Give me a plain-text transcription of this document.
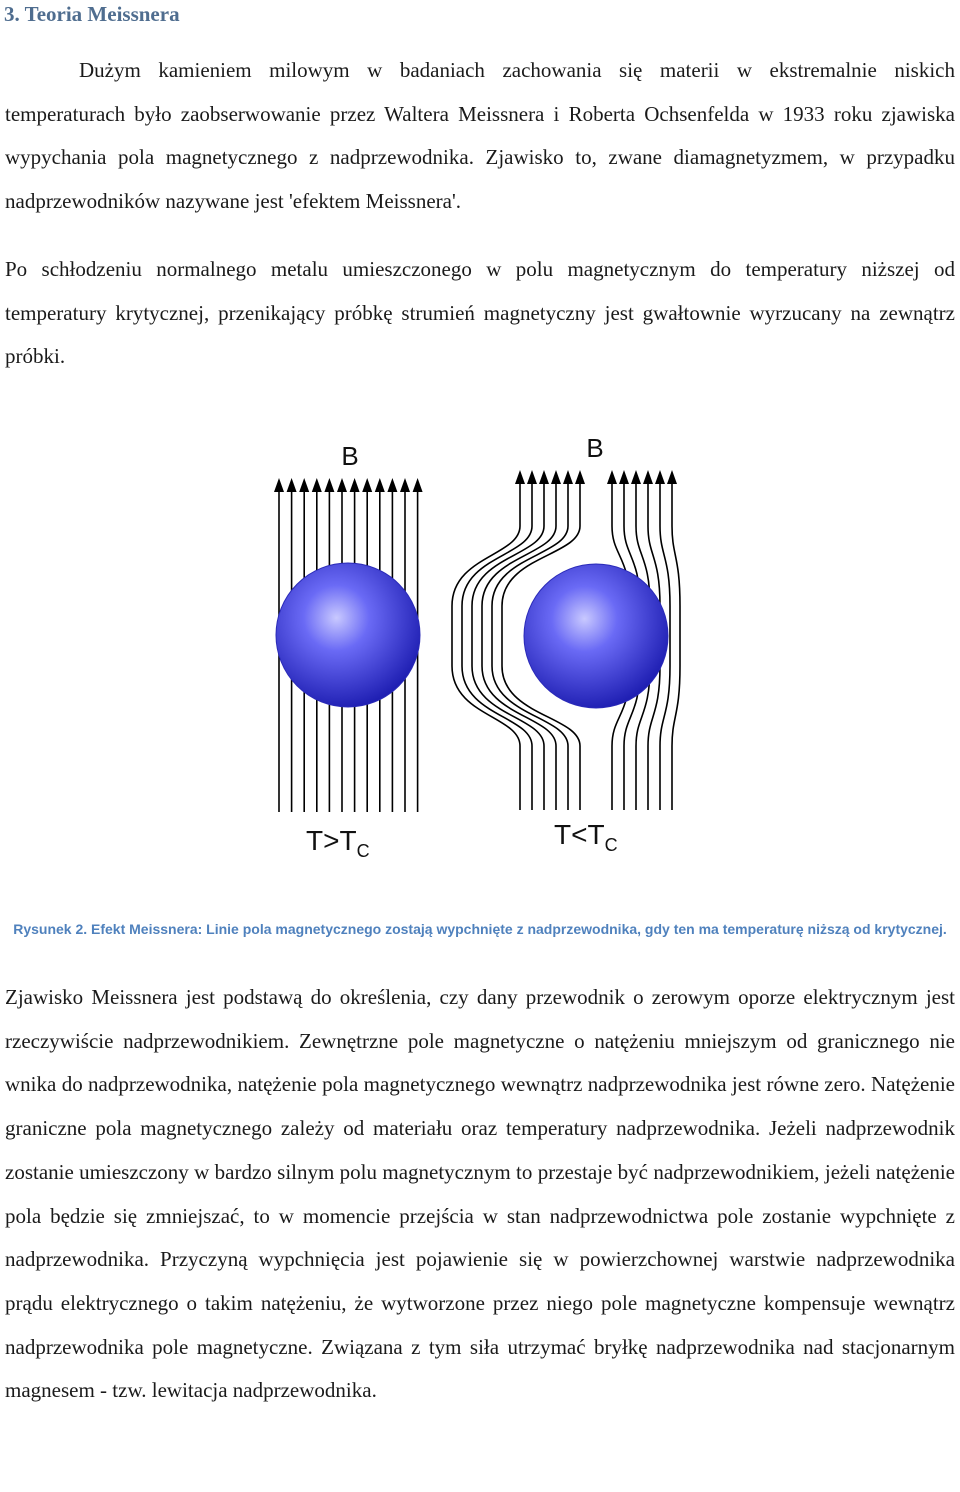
3. Teoria Meissnera

Dużym kamieniem milowym w badaniach zachowania się materii w ekstremalnie niskich temperaturach było zaobserwowanie przez Waltera Meissnera i Roberta Ochsenfelda w 1933 roku zjawiska wypychania pola magnetycznego z nadprzewodnika. Zjawisko to, zwane diamagnetyzmem, w przypadku nadprzewodników nazywane jest 'efektem Meissnera'.

Po schłodzeniu normalnego metalu umieszczonego w polu magnetycznym do temperatury niższej od temperatury krytycznej, przenikający próbkę strumień magnetyczny jest gwałtownie wyrzucany na zewnątrz próbki.

B	B
$T>T_C$
$T<T_C$

Rysunek 2. Efekt Meissnera: Linie pola magnetycznego zostają wypchnięte z nadprzewodnika, gdy ten ma temperaturę niższą od krytycznej.

Zjawisko Meissnera jest podstawą do określenia, czy dany przewodnik o zerowym oporze elektrycznym jest rzeczywiście nadprzewodnikiem. Zewnętrzne pole magnetyczne o natężeniu mniejszym od granicznego nie wnika do nadprzewodnika, natężenie pola magnetycznego wewnątrz nadprzewodnika jest równe zero. Natężenie graniczne pola magnetycznego zależy od materiału oraz temperatury nadprzewodnika. Jeżeli nadprzewodnik zostanie umieszczony w bardzo silnym polu magnetycznym to przestaje być nadprzewodnikiem, jeżeli natężenie pola będzie się zmniejszać, to w momencie przejścia w stan nadprzewodnictwa pole zostanie wypchnięte z nadprzewodnika. Przyczyną wypchnięcia jest pojawienie się w powierzchownej warstwie nadprzewodnika prądu elektrycznego o takim natężeniu, że wytworzone przez niego pole magnetyczne kompensuje wewnątrz nadprzewodnika pole magnetyczne. Związana z tym siła utrzymać bryłkę nadprzewodnika nad stacjonarnym magnesem - tzw. lewitacja nadprzewodnika.
